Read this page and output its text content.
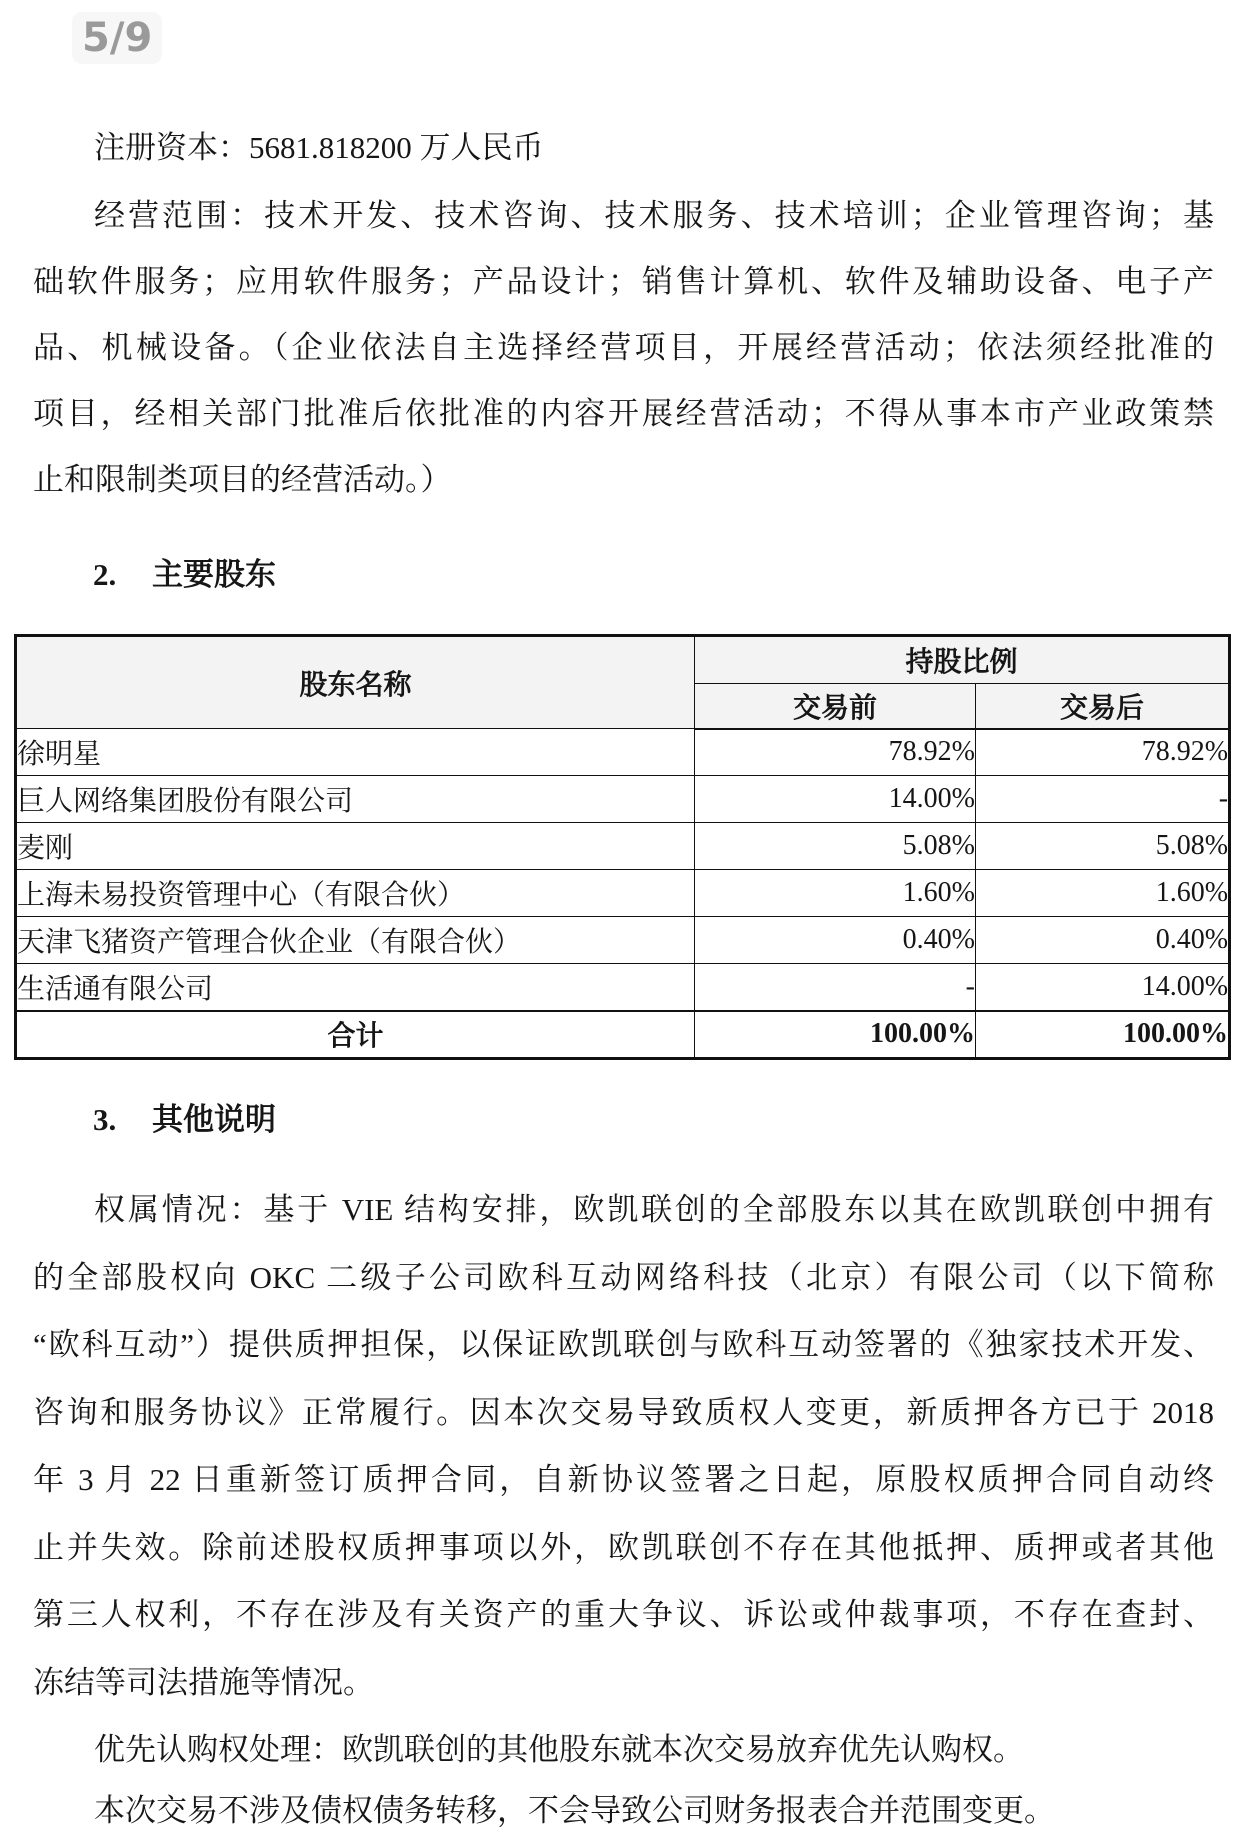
5/9
注册资本：5681.818200 万人民币
经营范围：技术开发、技术咨询、技术服务、技术培训；企业管理咨询；基
础软件服务；应用软件服务；产品设计；销售计算机、软件及辅助设备、电子产
品、机械设备。（企业依法自主选择经营项目，开展经营活动；依法须经批准的
项目，经相关部门批准后依批准的内容开展经营活动；不得从事本市产业政策禁
止和限制类项目的经营活动。）
2. 主要股东
股东名称	持股比例	
	交易前	交易后
徐明星	78.92%	78.92%
巨人网络集团股份有限公司	14.00%	-
麦刚	5.08%	5.08%
上海未易投资管理中心（有限合伙）	1.60%	1.60%
天津飞猪资产管理合伙企业（有限合伙）	0.40%	0.40%
生活通有限公司	-	14.00%
合计	100.00%	100.00%
3. 其他说明
权属情况：基于 VIE 结构安排，欧凯联创的全部股东以其在欧凯联创中拥有
的全部股权向 OKC 二级子公司欧科互动网络科技（北京）有限公司（以下简称
“欧科互动”）提供质押担保，以保证欧凯联创与欧科互动签署的《独家技术开发、
咨询和服务协议》正常履行。因本次交易导致质权人变更，新质押各方已于 2018
年 3 月 22 日重新签订质押合同，自新协议签署之日起，原股权质押合同自动终
止并失效。除前述股权质押事项以外，欧凯联创不存在其他抵押、质押或者其他
第三人权利，不存在涉及有关资产的重大争议、诉讼或仲裁事项，不存在查封、
冻结等司法措施等情况。
优先认购权处理：欧凯联创的其他股东就本次交易放弃优先认购权。
本次交易不涉及债权债务转移，不会导致公司财务报表合并范围变更。
